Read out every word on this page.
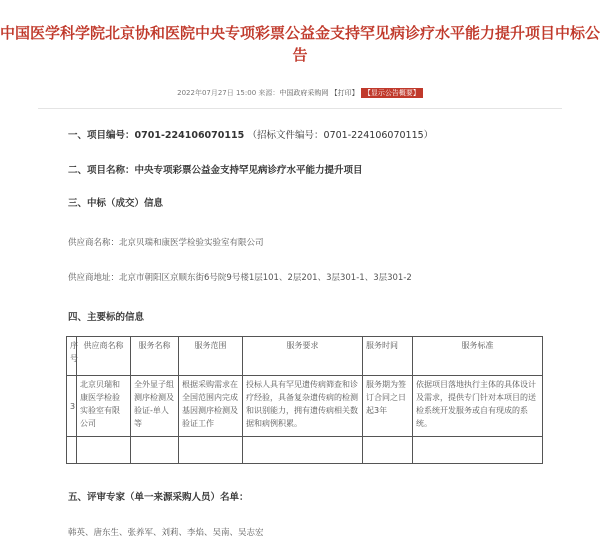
中国医学科学院北京协和医院中央专项彩票公益金支持罕见病诊疗水平能力提升项目中标公告
2022年07月27日 15:00 来源：中国政府采购网 【打印】 【显示公告概要】
一、项目编号：0701-224106070115 （招标文件编号：0701-224106070115）
二、项目名称：中央专项彩票公益金支持罕见病诊疗水平能力提升项目
三、中标（成交）信息
供应商名称：北京贝瑞和康医学检验实验室有限公司
供应商地址：北京市朝阳区京顺东街6号院9号楼1层101、2层201、3层301-1、3层301-2
四、主要标的信息
序号	供应商名称	服务名称	服务范围	服务要求	服务时间	服务标准
3	北京贝瑞和康医学检验实验室有限公司	全外显子组测序检测及验证-单人等	根据采购需求在全国范围内完成基因测序检测及验证工作	投标人具有罕见遗传病筛查和诊疗经验，具备复杂遗传病的检测和识别能力，拥有遗传病相关数据和病例积累。	服务期为签订合同之日起3年	依据项目落地执行主体的具体设计及需求，提供专门针对本项目的送检系统开发服务或自有现成的系统。

五、评审专家（单一来源采购人员）名单：
韩英、唐东生、张养军、刘莉、李焰、吴南、吴志宏
